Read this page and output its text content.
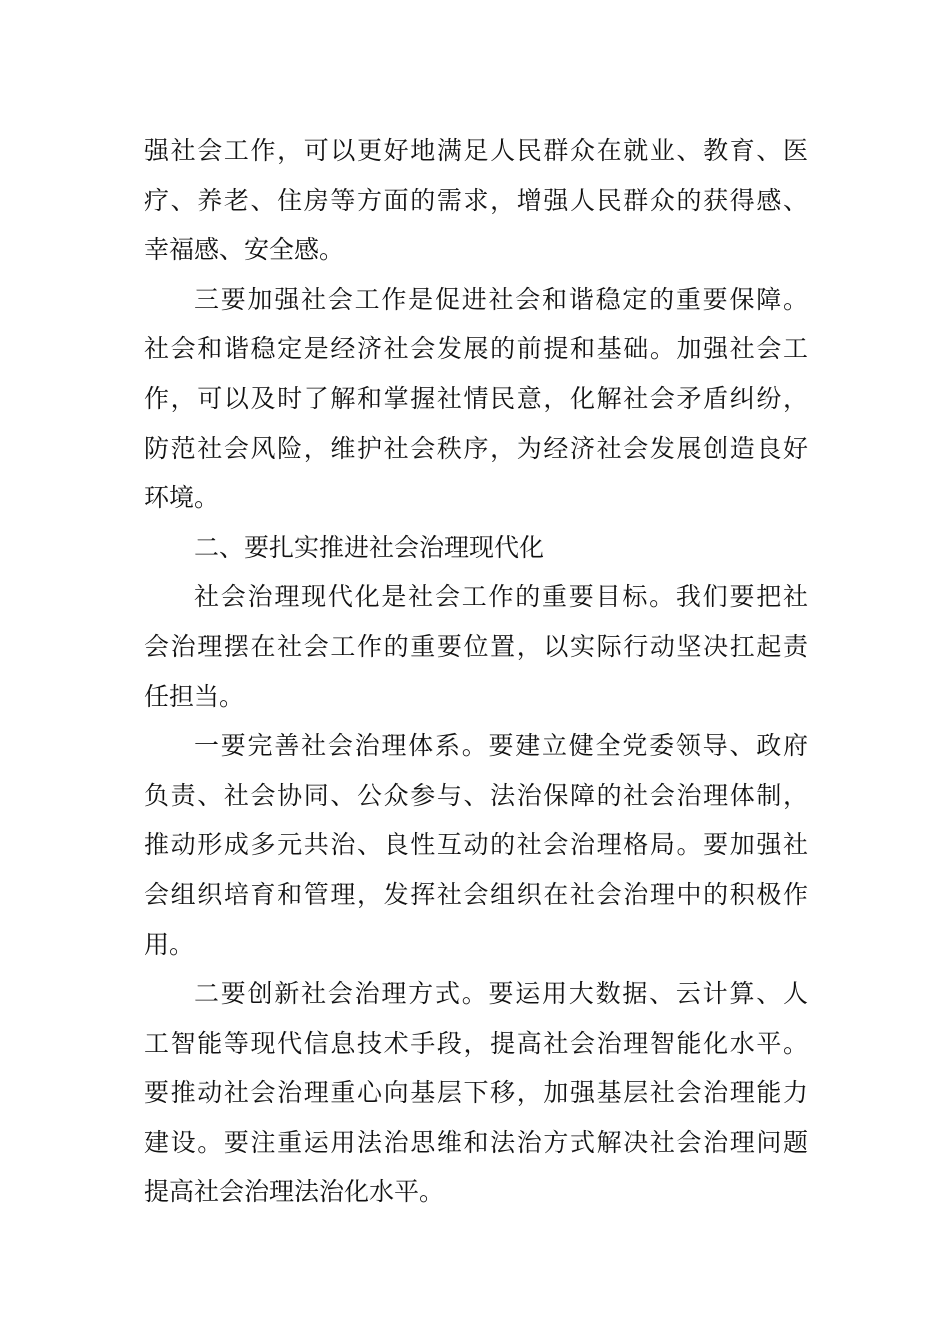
强社会工作，可以更好地满足人民群众在就业、教育、医
疗、养老、住房等方面的需求，增强人民群众的获得感、
幸福感、安全感。
三要加强社会工作是促进社会和谐稳定的重要保障。
社会和谐稳定是经济社会发展的前提和基础。加强社会工
作，可以及时了解和掌握社情民意，化解社会矛盾纠纷，
防范社会风险，维护社会秩序，为经济社会发展创造良好
环境。
二、要扎实推进社会治理现代化
社会治理现代化是社会工作的重要目标。我们要把社
会治理摆在社会工作的重要位置，以实际行动坚决扛起责
任担当。
一要完善社会治理体系。要建立健全党委领导、政府
负责、社会协同、公众参与、法治保障的社会治理体制，
推动形成多元共治、良性互动的社会治理格局。要加强社
会组织培育和管理，发挥社会组织在社会治理中的积极作
用。
二要创新社会治理方式。要运用大数据、云计算、人
工智能等现代信息技术手段，提高社会治理智能化水平。
要推动社会治理重心向基层下移，加强基层社会治理能力
建设。要注重运用法治思维和法治方式解决社会治理问题
提高社会治理法治化水平。
